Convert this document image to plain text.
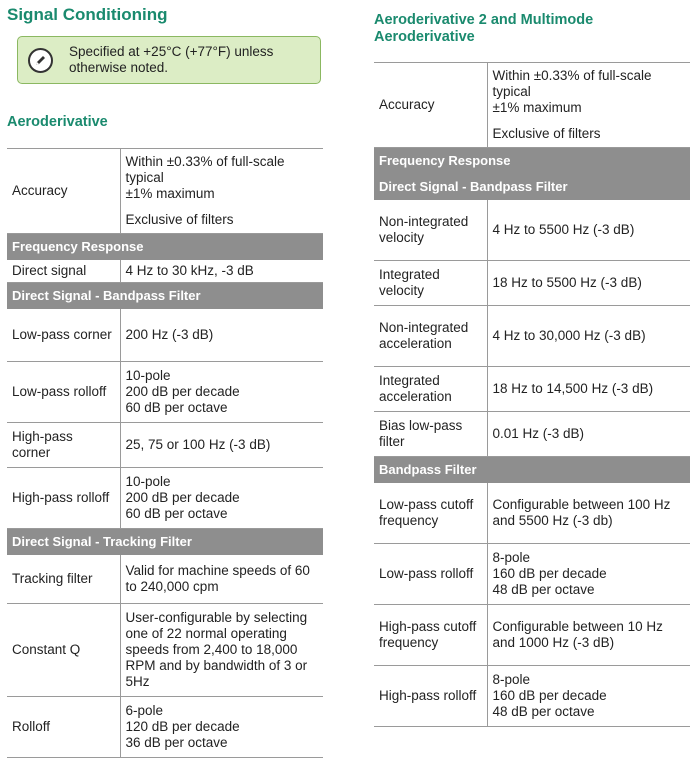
Signal Conditioning
Specified at +25°C (+77°F) unless otherwise noted.
Aeroderivative
Accuracy	Within ±0.33% of full-scale typical
±1% maximum
Exclusive of filters

Frequency Response	
Direct signal	4 Hz to 30 kHz, -3 dB
Direct Signal - Bandpass Filter	
Low-pass corner	200 Hz (-3 dB)
Low-pass rolloff	10-pole
200 dB per decade
60 dB per octave

High-pass corner	25, 75 or 100 Hz (-3 dB)
High-pass rolloff	10-pole
200 dB per decade
60 dB per octave

Direct Signal - Tracking Filter	
Tracking filter	Valid for machine speeds of 60 to 240,000 cpm
Constant Q	User-configurable by selecting one of 22 normal operating speeds from 2,400 to 18,000 RPM and by bandwidth of 3 or 5Hz
Rolloff	6-pole
120 dB per decade
36 dB per octave
Aeroderivative 2 and Multimode Aeroderivative
Accuracy	Within ±0.33% of full-scale typical
±1% maximum
Exclusive of filters

Frequency Response	
Direct Signal - Bandpass Filter	
Non-integrated velocity	4 Hz to 5500 Hz (-3 dB)
Integrated velocity	18 Hz to 5500 Hz (-3 dB)
Non-integrated acceleration	4 Hz to 30,000 Hz (-3 dB)
Integrated acceleration	18 Hz to 14,500 Hz (-3 dB)
Bias low-pass filter	0.01 Hz (-3 dB)
Bandpass Filter	
Low-pass cutoff frequency	Configurable between 100 Hz and 5500 Hz (-3 db)
Low-pass rolloff	8-pole
160 dB per decade
48 dB per octave

High-pass cutoff frequency	Configurable between 10 Hz and 1000 Hz (-3 dB)
High-pass rolloff	8-pole
160 dB per decade
48 dB per octave
